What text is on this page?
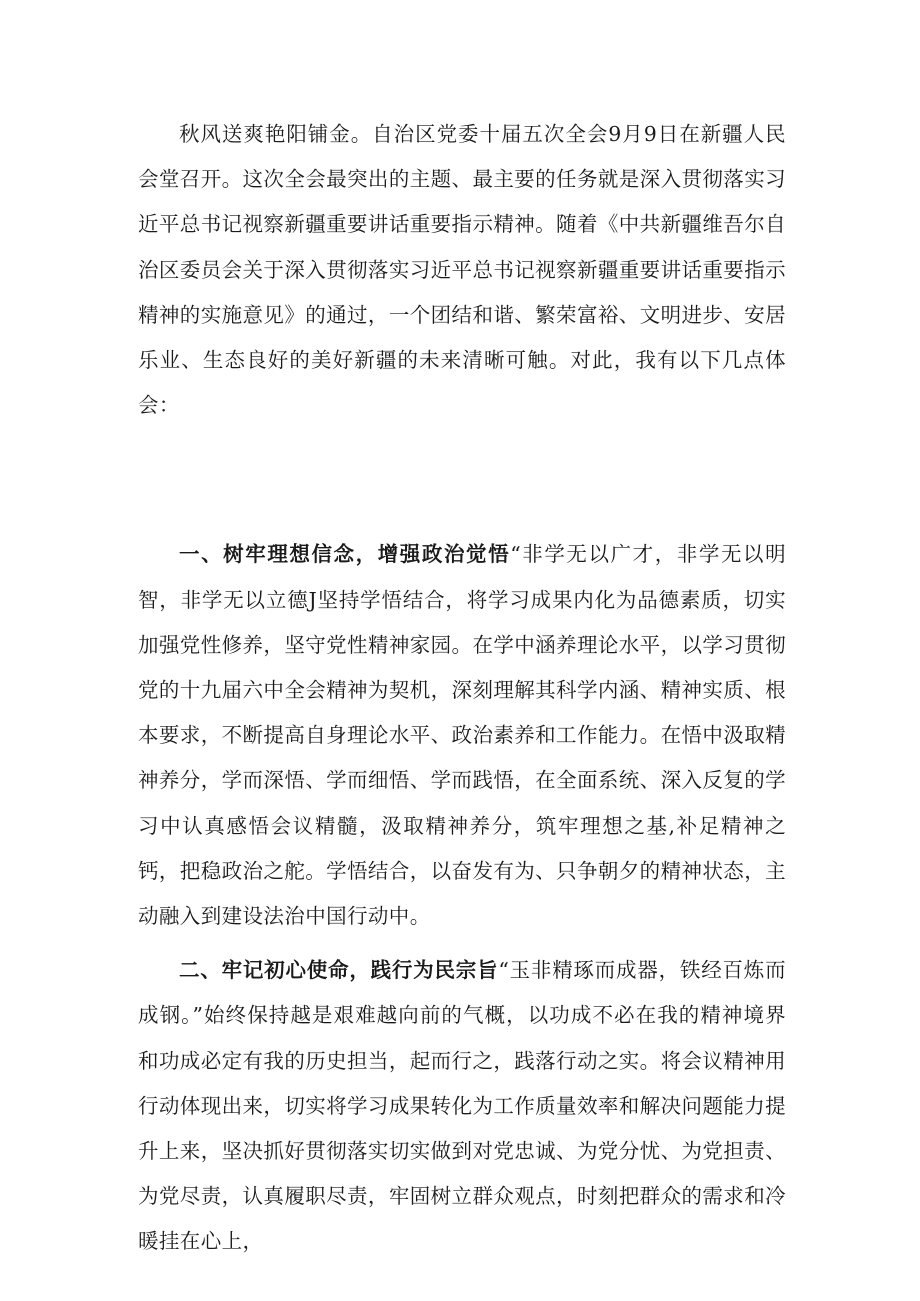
秋风送爽艳阳铺金。自治区党委十届五次全会9月9日在新疆人民会堂召开。这次全会最突出的主题、最主要的任务就是深入贯彻落实习近平总书记视察新疆重要讲话重要指示精神。随着《中共新疆维吾尔自治区委员会关于深入贯彻落实习近平总书记视察新疆重要讲话重要指示精神的实施意见》的通过，一个团结和谐、繁荣富裕、文明进步、安居乐业、生态良好的美好新疆的未来清晰可触。对此，我有以下几点体会：

一、树牢理想信念，增强政治觉悟“非学无以广才，非学无以明智，非学无以立德J坚持学悟结合，将学习成果内化为品德素质，切实加强党性修养，坚守党性精神家园。在学中涵养理论水平，以学习贯彻党的十九届六中全会精神为契机，深刻理解其科学内涵、精神实质、根本要求，不断提高自身理论水平、政治素养和工作能力。在悟中汲取精神养分，学而深悟、学而细悟、学而践悟，在全面系统、深入反复的学习中认真感悟会议精髓，汲取精神养分，筑牢理想之基,补足精神之钙，把稳政治之舵。学悟结合，以奋发有为、只争朝夕的精神状态，主动融入到建设法治中国行动中。

二、牢记初心使命，践行为民宗旨“玉非精琢而成器，铁经百炼而成钢。”始终保持越是艰难越向前的气概，以功成不必在我的精神境界和功成必定有我的历史担当，起而行之，践落行动之实。将会议精神用行动体现出来，切实将学习成果转化为工作质量效率和解决问题能力提升上来，坚决抓好贯彻落实切实做到对党忠诚、为党分忧、为党担责、为党尽责，认真履职尽责，牢固树立群众观点，时刻把群众的需求和冷暖挂在心上，
